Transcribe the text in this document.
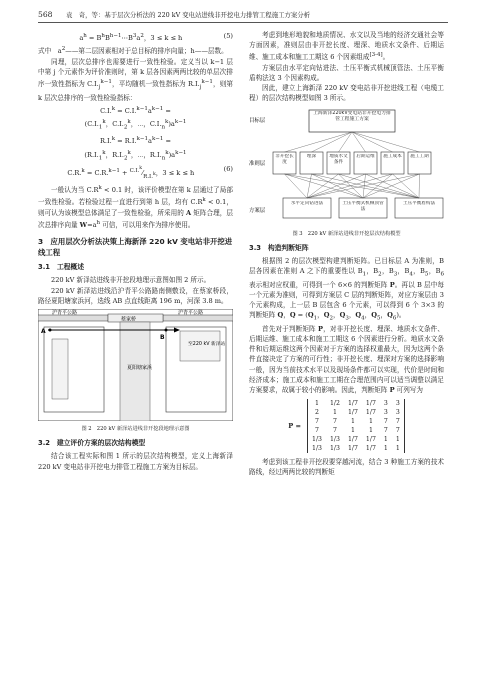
568 袁　奇，等：基于层次分析法的 220 kV 变电站进线非开挖电力排管工程施工方案分析
$a^h$ = $B^hB^{h-1}\cdots B^3a^2$，3 ≤ k ≤ h	(5)

式中　$a^2——$第二层因素相对于总目标的排序向量；h——层数。

同理，层次总排序也需要进行一致性检验。定义当以 k−1 层中第 j 个元素作为评价准则时，第 k 层各因素两两比较的单层次排序一致性指标为 $C.I._j^{k-1}$，平均随机一致性指标为 $R.I._j^{k-1}$，则第 k 层次总排序的一致性检验指标：

$C.I.^k = C.I.^{k-1}a^{k-1}$ =
($C.I._1^k$，$C.I._2^k$，⋯，$C.I._n^k)a^{k-1}$
$R.I.^k = R.I.^{k-1}a^{k-1}$ =
($R.I._1^k$，$R.I._2^k$，⋯，$R.I._n^k)a^{k-1}$
$C.R.^k = C.R.^{k-1} + ^{C.I.^k}⁄_{R.I.^k}$，3 ≤ k ≤ h
(6)

一般认为当 $C.R^k < 0.1$ 时，该评价模型在第 k 层通过了局部一致性检验。若检验过程一直进行到第 h 层，均有 $C.R^k < 0.1$，则可认为该模型总体满足了一致性检验，所采用的 A 矩阵合理，层次总排序向量 $W=a^h$ 可信，可以用来作为排序使用。

3　应用层次分析法决策上海新泽 220 kV 变电站非开挖进线工程
3.1　工程概述

220 kV 新泽站进线非开挖段地理示意图如图 2 所示。

220 kV 新泽站进线沿沪青平公路路南侧敷设，在蔡家桥段，路径夏阳塘家浜河，选线 AB 点直线距离 196 m，河深 3.8 m。

沪青平公路	沪青平公路
蔡家桥
夏阳塘家浜
至220 kV 新泽站
A
B
图 2　220 kV 新泽站进线非开挖段地理示意图
3.2　建立评价方案的层次结构模型

结合该工程实际和图 1 所示的层次结构模型，定义上海新泽 220 kV 变电站非开挖电力排管工程施工方案为目标层。

考虑到地形地貌和地质情况、水文以及当地的经济交通社会等方面因素，准则层由非开挖长度、埋深、地质水文条件、后期运维、施工成本和施工工期这 6 个因素组成[3-4]。

方案层由水平定向钻进法、土压平衡式机械顶管法、土压平衡盾构法这 3 个因素构成。

因此，建立上海新泽 220 kV 变电站非开挖进线工程（电缆工程）的层次结构模型如图 3 所示。

目标层
准则层
方案层
上海新泽220kV变电站非开挖电力排管工程施工方案
非开挖长度
埋深	地质水文条件
后期运维 施工成本 施工工期
水平定向钻进法	土压平衡式机械顶管法
土压平衡盾构法
图 3　220 kV 新泽站进线非开挖层次结构模型
3.3　构造判断矩阵

根据图 2 的层次模型构建判断矩阵。已目标层 A 为准则，B 层各因素在准则 A 之下的重要性以 $B_1$，$B_2$，$B_3$，$B_4$，$B_5$，$B_6$ 表示相对应权重，可得到一个 6×6 的判断矩阵 P。再以 B 层中每一个元素为准则，可得到方案层 C 层的判断矩阵，对应方案层由 3 个元素构成，上一层 B 层包含 6 个元素，可以得到 6 个 3×3 的判断矩阵 Q，$Q = (Q_1$，$Q_2$，$Q_3$，$Q_4$，$Q_5$，$Q_6$)。

首先对于判断矩阵 P，对非开挖长度、埋深、地质水文条件、后期运维、施工成本和施工工期这 6 个因素进行分析。地质水文条件和后期运维这两个因素对于方案的选择权重最大，因为这两个条件直接决定了方案的可行性；非开挖长度、埋深对方案的选择影响一般，因为当前技术水平以及现场条件都可以实现，代价是时间和经济成本；施工成本和施工工期在合理范围内可以适当调整以满足方案要求，故属于较小的影响。因此，判断矩阵 P 可列写为

P =
1	1/2	1/7	1/7	3	3
2	1	1/7	1/7	3	3
7	7	1	1	7	7
7	7	1	1	7	7
1/3	1/3	1/7	1/7	1	1
1/3	1/3	1/7	1/7	1	1

考虑到该工程非开挖段要穿越河流，结合 3 种施工方案的技术路线，经过两两比较的判断矩
